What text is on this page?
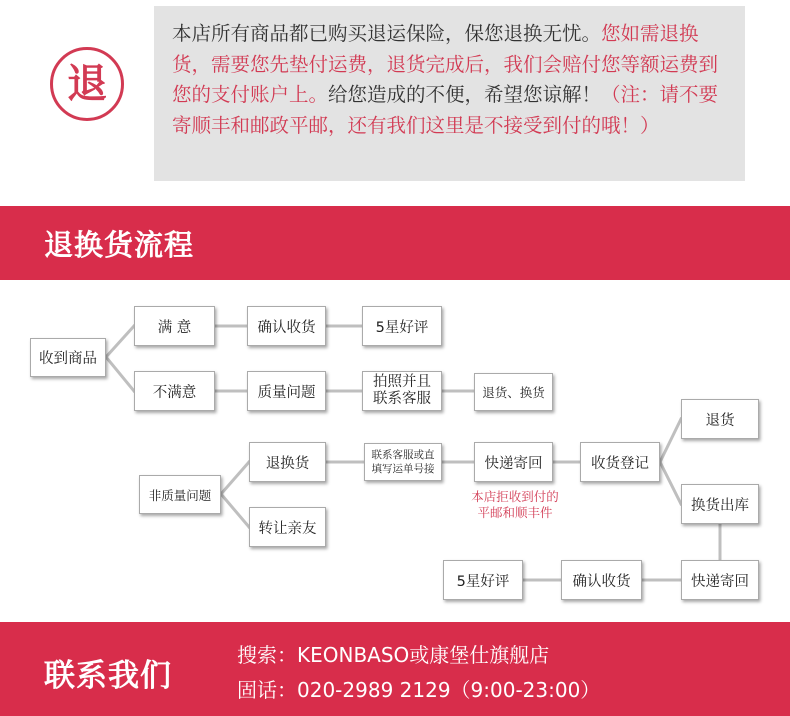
退
本店所有商品都已购买退运保险，保您退换无忧。您如需退换货，需要您先垫付运费，退货完成后，我们会赔付您等额运费到您的支付账户上。给您造成的不便，希望您谅解！（注：请不要寄顺丰和邮政平邮，还有我们这里是不接受到付的哦！）
退换货流程
收到商品
满 意	确认收货	5星好评
不满意	质量问题
拍照并且
联系客服	退货、换货
非质量问题
退换货
转让亲友
联系客服或直
填写运单号接	快递寄回	收货登记
退货
换货出库
快递寄回
确认收货
5星好评
本店拒收到付的
平邮和顺丰件
联系我们
搜索：KEONBASO或康堡仕旗舰店
固话：020-2989 2129（9:00-23:00）
